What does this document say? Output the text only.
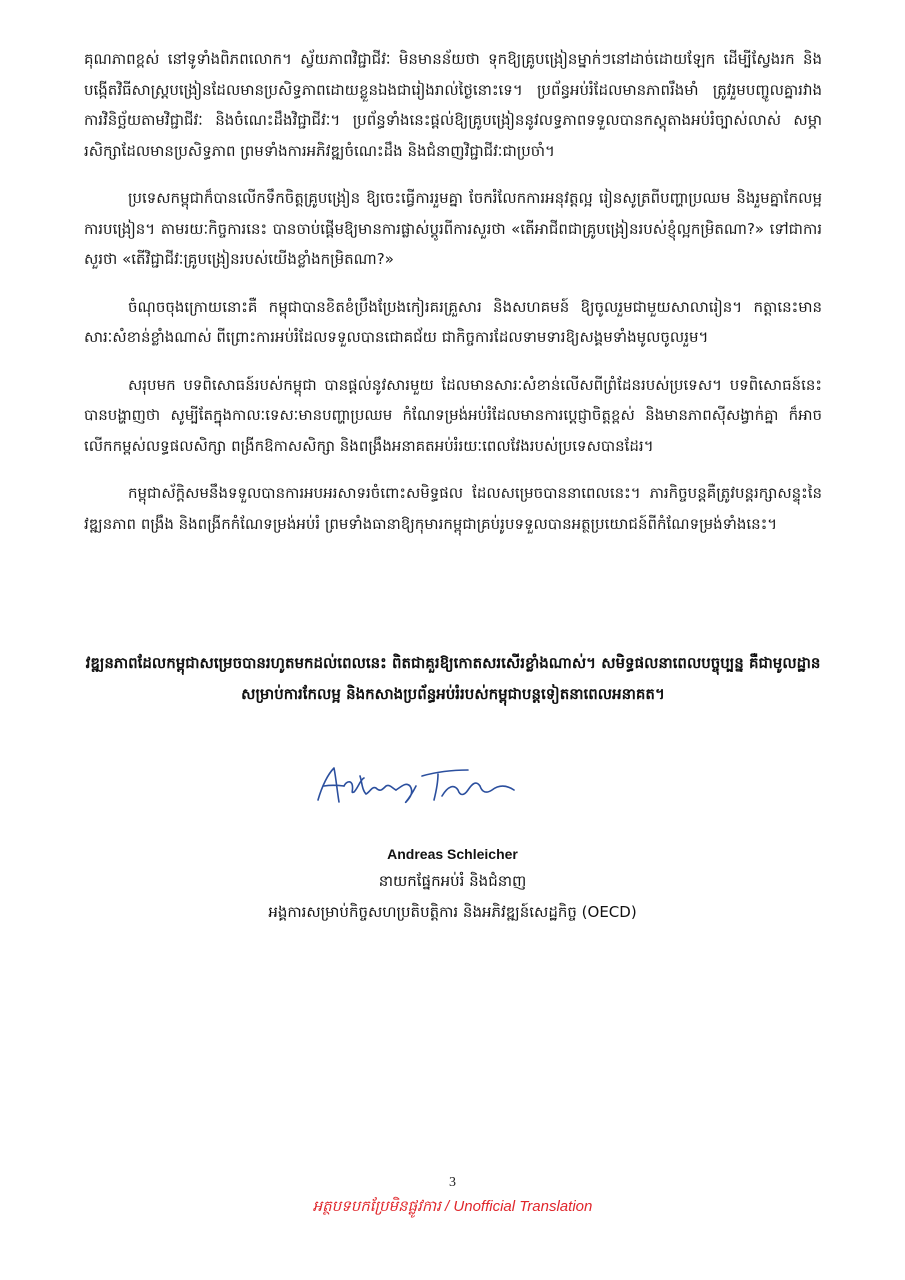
គុណភាពខ្ពស់ នៅទូទាំងពិភពលោក។ ស្វ័យភាពវិជ្ជាជីវៈ មិនមានន័យថា ទុកឱ្យគ្រូបង្រៀនម្នាក់ៗនៅដាច់ដោយឡែក ដើម្បីស្វែងរក និងបង្កើតវិធីសាស្ត្របង្រៀនដែលមានប្រសិទ្ធភាពដោយខ្លួនឯងជារៀងរាល់ថ្ងៃនោះទេ។ ប្រព័ន្ធអប់រំដែលមានភាពរឹងមាំ ត្រូវរួមបញ្ចូលគ្នារវាង ការវិនិច្ឆ័យតាមវិជ្ជាជីវៈ និងចំណេះដឹងវិជ្ជាជីវៈ។ ប្រព័ន្ធទាំងនេះផ្តល់ឱ្យគ្រូបង្រៀននូវលទ្ធភាពទទួលបានកស្តុតាងអប់រំច្បាស់លាស់ សម្ភារសិក្សាដែលមានប្រសិទ្ធភាព ព្រមទាំងការអភិវឌ្ឍចំណេះដឹង និងជំនាញវិជ្ជាជីវៈជាប្រចាំ។

ប្រទេសកម្ពុជាក៏បានលើកទឹកចិត្តគ្រូបង្រៀន ឱ្យចេះធ្វើការរួមគ្នា ចែករំលែកការអនុវត្តល្អ រៀនសូត្រពីបញ្ហាប្រឈម និងរួមគ្នាកែលម្អការបង្រៀន។ តាមរយៈកិច្ចការនេះ បានចាប់ផ្តើមឱ្យមានការផ្លាស់ប្តូរពីការសួរថា «តើអាជីពជាគ្រូបង្រៀនរបស់ខ្ញុំល្អកម្រិតណា?» ទៅជាការសួរថា «តើវិជ្ជាជីវៈគ្រូបង្រៀនរបស់យើងខ្លាំងកម្រិតណា?»

ចំណុចចុងក្រោយនោះគឺ កម្ពុជាបានខិតខំប្រឹងប្រែងកៀរគរគ្រួសារ និងសហគមន៍ ឱ្យចូលរួមជាមួយសាលារៀន។ កត្តានេះមានសារៈសំខាន់ខ្លាំងណាស់ ពីព្រោះការអប់រំដែលទទួលបានជោគជ័យ ជាកិច្ចការដែលទាមទារឱ្យសង្គមទាំងមូលចូលរួម។

សរុបមក បទពិសោធន៍របស់កម្ពុជា បានផ្តល់នូវសារមួយ ដែលមានសារៈសំខាន់លើសពីព្រំដែនរបស់ប្រទេស។ បទពិសោធន៍នេះបានបង្ហាញថា សូម្បីតែក្នុងកាលៈទេសៈមានបញ្ហាប្រឈម កំណែទម្រង់អប់រំដែលមានការប្តេជ្ញាចិត្តខ្ពស់ និងមានភាពស៊ីសង្វាក់គ្នា ក៏អាចលើកកម្ពស់លទ្ធផលសិក្សា ពង្រីកឱកាសសិក្សា និងពង្រឹងអនាគតអប់រំរយៈពេលវែងរបស់ប្រទេសបានដែរ។

កម្ពុជាស័ក្តិសមនឹងទទួលបានការអបអរសាទរចំពោះសមិទ្ធផល ដែលសម្រេចបាននាពេលនេះ។ ភារកិច្ចបន្តគឺត្រូវបន្តរក្សាសន្ទុះនៃវឌ្ឍនភាព ពង្រឹង និងពង្រីកកំណែទម្រង់អប់រំ ព្រមទាំងធានាឱ្យកុមារកម្ពុជាគ្រប់រូបទទួលបានអត្ថប្រយោជន៍ពីកំណែទម្រង់ទាំងនេះ។

វឌ្ឍនភាពដែលកម្ពុជាសម្រេចបានរហូតមកដល់ពេលនេះ ពិតជាគួរឱ្យកោតសរសើរខ្លាំងណាស់។ សមិទ្ធផលនាពេលបច្ចុប្បន្ន គឺជាមូលដ្ឋានសម្រាប់ការកែលម្អ និងកសាងប្រព័ន្ធអប់រំរបស់កម្ពុជាបន្តទៀតនាពេលអនាគត។

Andreas Schleicher
នាយកផ្នែកអប់រំ និងជំនាញ
អង្គការសម្រាប់កិច្ចសហប្រតិបត្តិការ និងអភិវឌ្ឍន៍សេដ្ឋកិច្ច (OECD)
3
អត្ថបទបកប្រែមិនផ្លូវការ / Unofficial Translation
